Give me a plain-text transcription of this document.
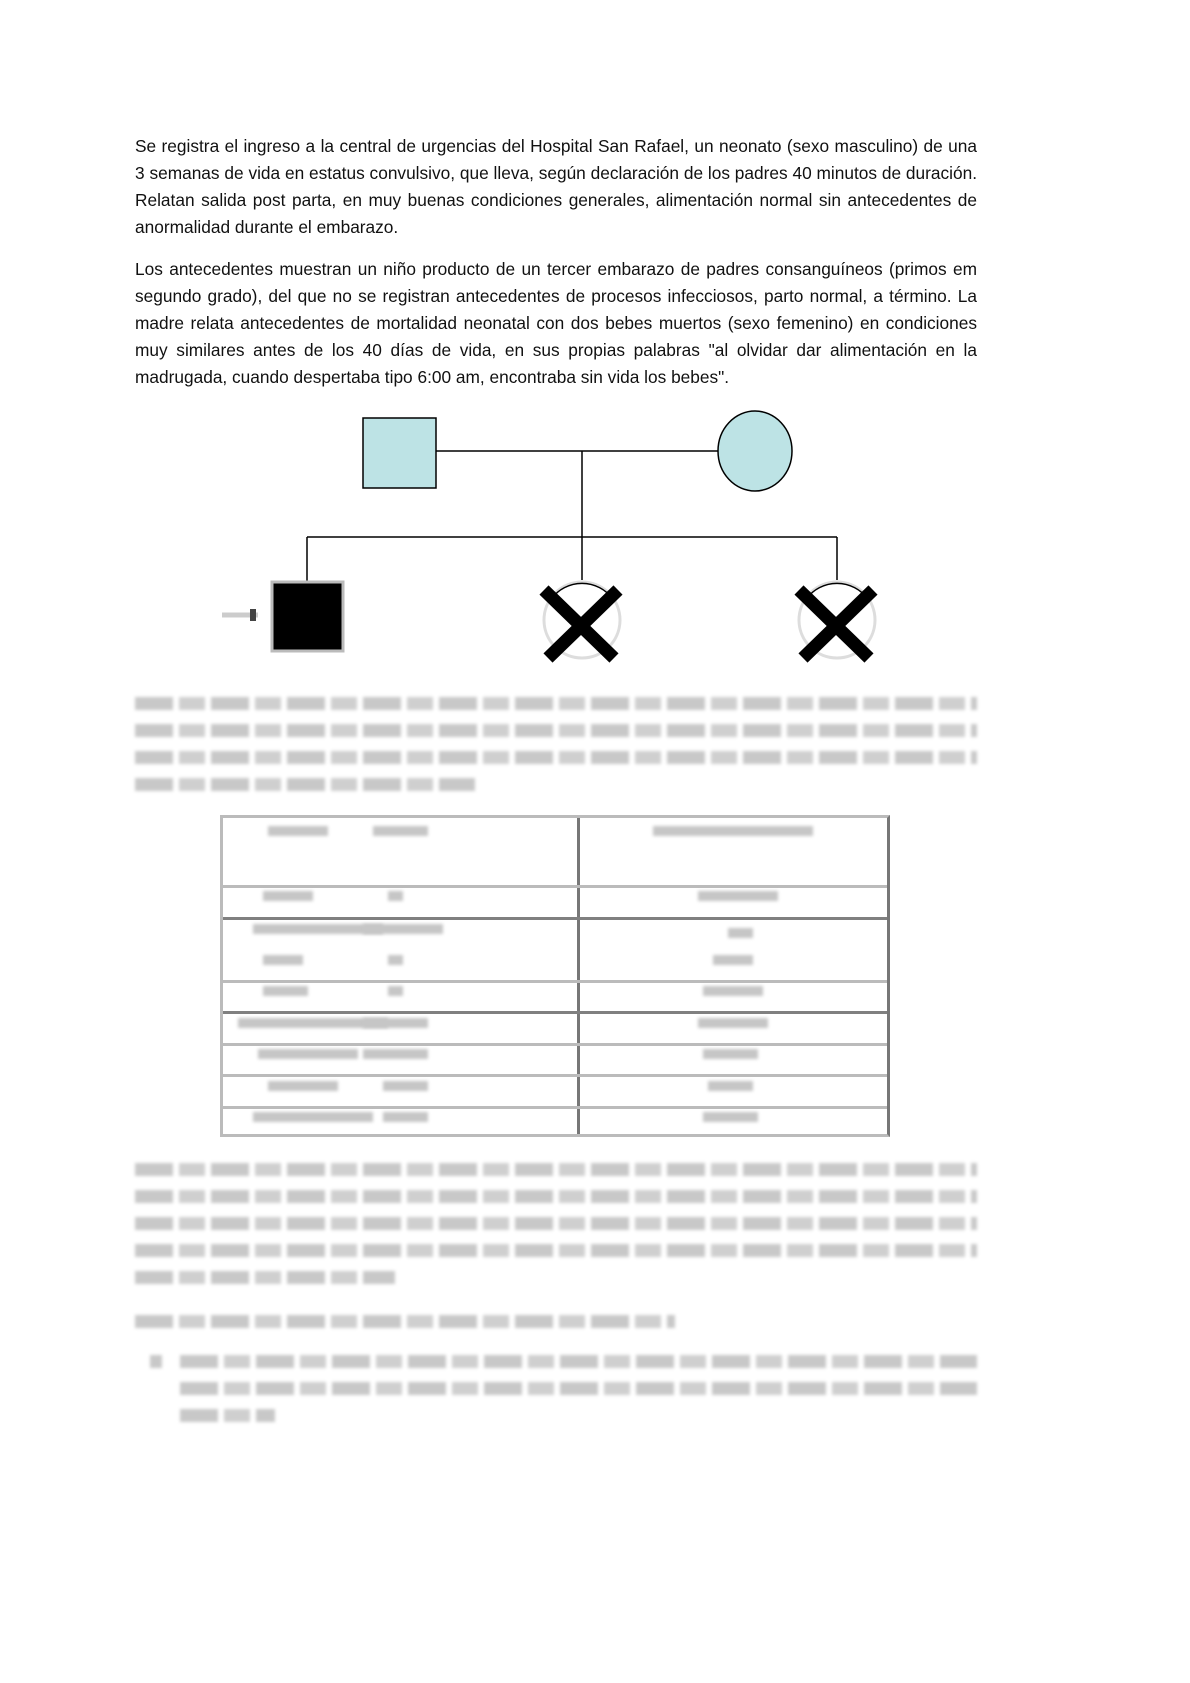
Se registra el ingreso a la central de urgencias del Hospital San Rafael, un neonato (sexo masculino) de una 3 semanas de vida en estatus convulsivo, que lleva, según declaración de los padres 40 minutos de duración. Relatan salida post parta, en muy buenas condiciones generales, alimentación normal sin antecedentes de anormalidad durante el embarazo.

Los antecedentes muestran un niño producto de un tercer embarazo de padres consanguíneos (primos em segundo grado), del que no se registran antecedentes de procesos infecciosos, parto normal, a término. La madre relata antecedentes de mortalidad neonatal con dos bebes muertos (sexo femenino) en condiciones muy similares antes de los 40 días de vida, en sus propias palabras "al olvidar dar alimentación en la madrugada, cuando despertaba tipo 6:00 am, encontraba sin vida los bebes".
